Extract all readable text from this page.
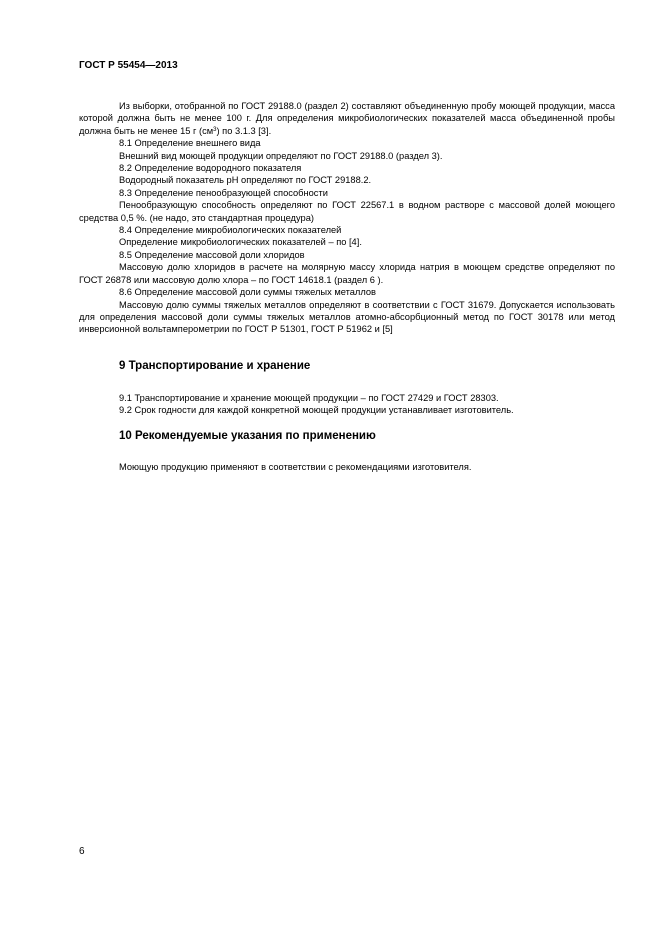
ГОСТ Р 55454—2013

Из выборки, отобранной по ГОСТ 29188.0 (раздел 2) составляют объединенную пробу моющей продукции, масса которой должна быть не менее 100 г. Для определения микробиологических показателей масса объединенной пробы должна быть не менее 15 г $(см^3)$ по 3.1.3 [3].

8.1 Определение внешнего вида

Внешний вид моющей продукции определяют по ГОСТ 29188.0 (раздел 3).

8.2 Определение водородного показателя

Водородный показатель рН определяют по ГОСТ 29188.2.

8.3 Определение пенообразующей способности

Пенообразующую способность определяют по ГОСТ 22567.1 в водном растворе с массовой долей моющего средства 0,5 %. (не надо, это стандартная процедура)

8.4 Определение микробиологических показателей

Определение микробиологических показателей – по [4].

8.5 Определение массовой доли хлоридов

Массовую долю хлоридов в расчете на молярную массу хлорида натрия в моющем средстве определяют по ГОСТ 26878 или массовую долю хлора – по ГОСТ 14618.1 (раздел 6 ).

8.6 Определение массовой доли суммы тяжелых металлов

Массовую долю суммы тяжелых металлов определяют в соответствии с ГОСТ 31679. Допускается использовать для определения массовой доли суммы тяжелых металлов атомно-абсорбционный метод по ГОСТ 30178 или метод инверсионной вольтамперометрии по ГОСТ Р 51301, ГОСТ Р 51962 и [5]

9 Транспортирование и хранение

9.1 Транспортирование и хранение моющей продукции – по ГОСТ 27429 и ГОСТ 28303.

9.2 Срок годности для каждой конкретной моющей продукции устанавливает изготовитель.

10 Рекомендуемые указания по применению

Моющую продукцию применяют в соответствии с рекомендациями изготовителя.

6
